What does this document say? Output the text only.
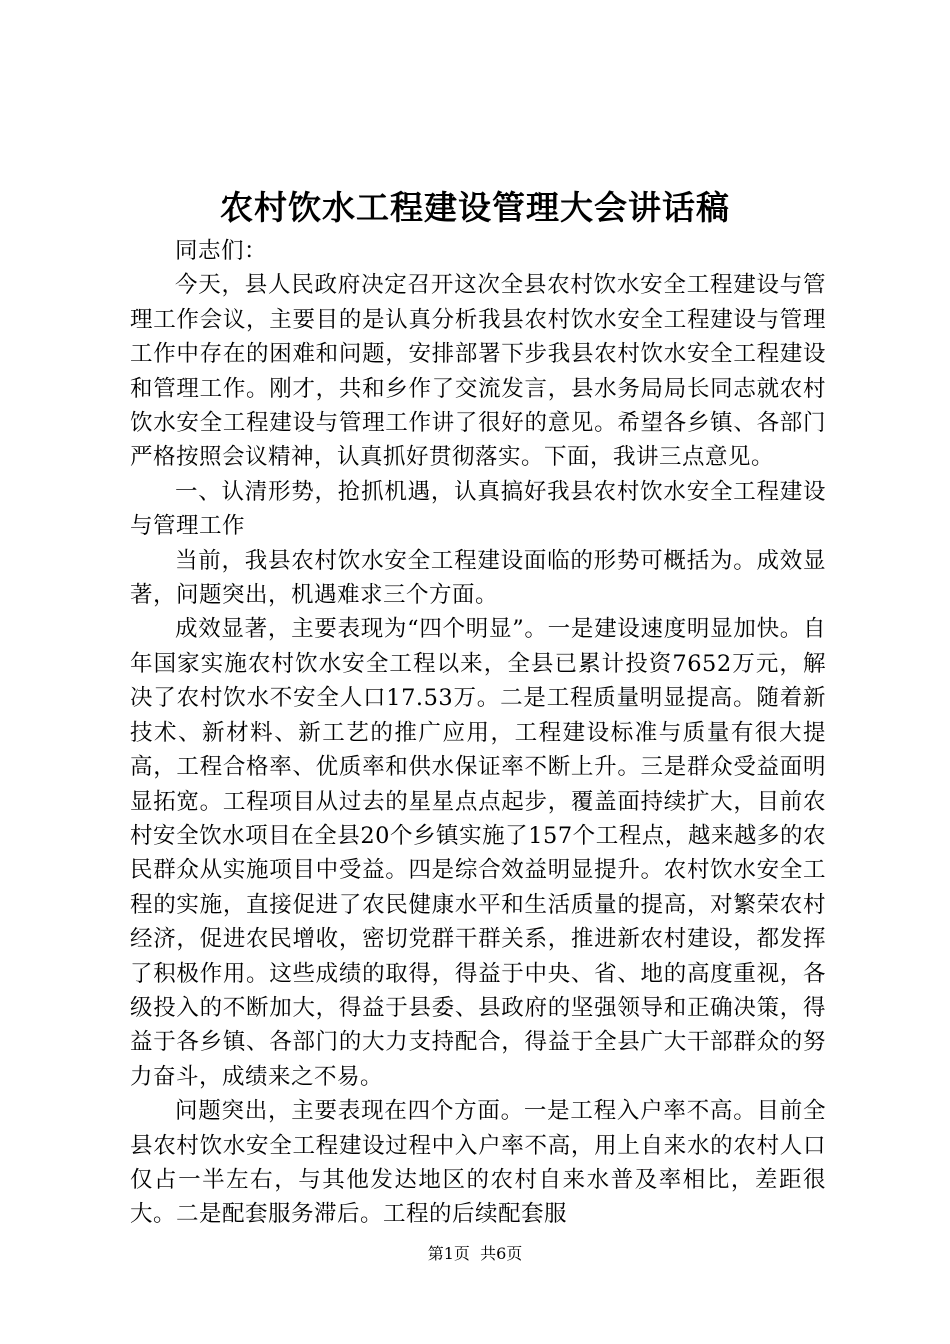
农村饮水工程建设管理大会讲话稿

同志们：

今天，县人民政府决定召开这次全县农村饮水安全工程建设与管理工作会议，主要目的是认真分析我县农村饮水安全工程建设与管理工作中存在的困难和问题，安排部署下步我县农村饮水安全工程建设和管理工作。刚才，共和乡作了交流发言，县水务局局长同志就农村饮水安全工程建设与管理工作讲了很好的意见。希望各乡镇、各部门严格按照会议精神，认真抓好贯彻落实。下面，我讲三点意见。

一、认清形势，抢抓机遇，认真搞好我县农村饮水安全工程建设与管理工作

当前，我县农村饮水安全工程建设面临的形势可概括为。成效显著，问题突出，机遇难求三个方面。

成效显著，主要表现为“四个明显”。一是建设速度明显加快。自年国家实施农村饮水安全工程以来，全县已累计投资7652万元，解决了农村饮水不安全人口17.53万。二是工程质量明显提高。随着新技术、新材料、新工艺的推广应用，工程建设标准与质量有很大提高，工程合格率、优质率和供水保证率不断上升。三是群众受益面明显拓宽。工程项目从过去的星星点点起步，覆盖面持续扩大，目前农村安全饮水项目在全县20个乡镇实施了157个工程点，越来越多的农民群众从实施项目中受益。四是综合效益明显提升。农村饮水安全工程的实施，直接促进了农民健康水平和生活质量的提高，对繁荣农村经济，促进农民增收，密切党群干群关系，推进新农村建设，都发挥了积极作用。这些成绩的取得，得益于中央、省、地的高度重视，各级投入的不断加大，得益于县委、县政府的坚强领导和正确决策，得益于各乡镇、各部门的大力支持配合，得益于全县广大干部群众的努力奋斗，成绩来之不易。

问题突出，主要表现在四个方面。一是工程入户率不高。目前全县农村饮水安全工程建设过程中入户率不高，用上自来水的农村人口仅占一半左右，与其他发达地区的农村自来水普及率相比，差距很大。二是配套服务滞后。工程的后续配套服

第1页  共6页
